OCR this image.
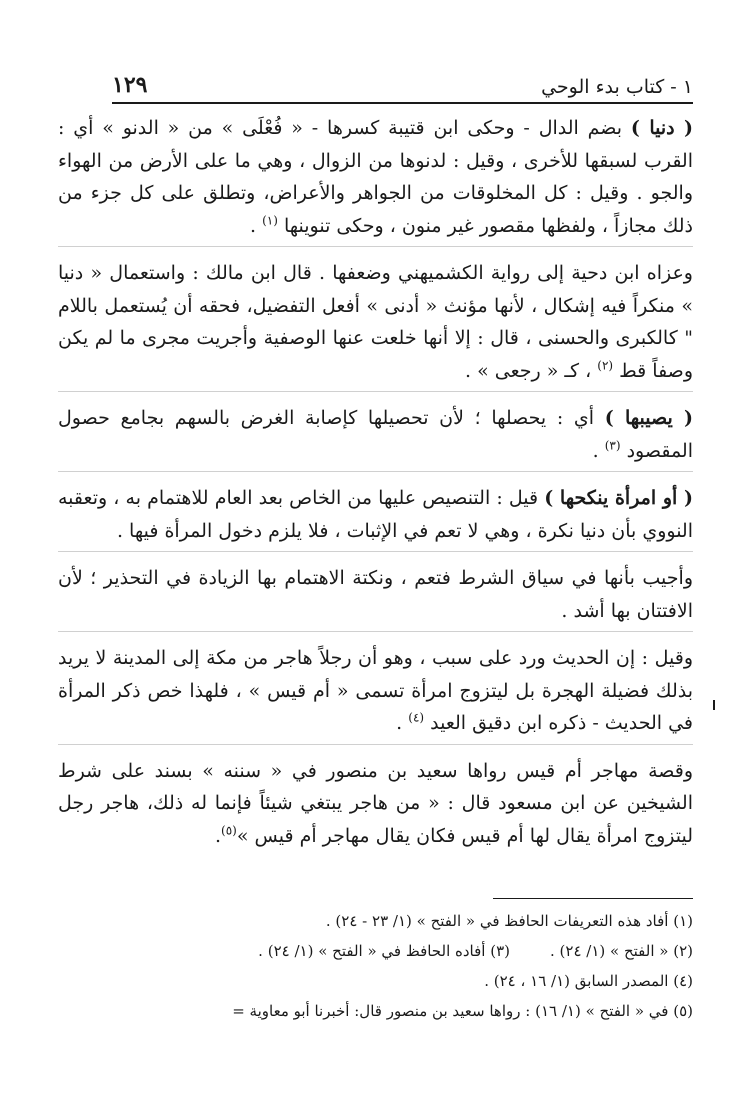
١ - كتاب بدء الوحي
١٢٩

( دنيا ) بضم الدال - وحكى ابن قتيبة كسرها - « فُعْلَى » من « الدنو » أي : القرب لسبقها للأخرى ، وقيل : لدنوها من الزوال ، وهي ما على الأرض من الهواء والجو . وقيل : كل المخلوقات من الجواهر والأعراض، وتطلق على كل جزء من ذلك مجازاً ، ولفظها مقصور غير منون ، وحكى تنوينها $^{(١)}$ .

وعزاه ابن دحية إلى رواية الكشميهني وضعفها . قال ابن مالك : واستعمال « دنيا » منكراً فيه إشكال ، لأنها مؤنث « أدنى » أفعل التفضيل، فحقه أن يُستعمل باللام " كالكبرى والحسنى ، قال : إلا أنها خلعت عنها الوصفية وأجريت مجرى ما لم يكن وصفاً قط $^{(٢)}$ ، كـ « رجعى » .

( يصيبها ) أي : يحصلها ؛ لأن تحصيلها كإصابة الغرض بالسهم بجامع حصول المقصود $^{(٣)}$ .

( أو امرأة ينكحها ) قيل : التنصيص عليها من الخاص بعد العام للاهتمام به ، وتعقبه النووي بأن دنيا نكرة ، وهي لا تعم في الإثبات ، فلا يلزم دخول المرأة فيها .

وأجيب بأنها في سياق الشرط فتعم ، ونكتة الاهتمام بها الزيادة في التحذير ؛ لأن الافتتان بها أشد .

وقيل : إن الحديث ورد على سبب ، وهو أن رجلاً هاجر من مكة إلى المدينة لا يريد بذلك فضيلة الهجرة بل ليتزوج امرأة تسمى « أم قيس » ، فلهذا خص ذكر المرأة في الحديث - ذكره ابن دقيق العيد $^{(٤)}$ .

وقصة مهاجر أم قيس رواها سعيد بن منصور في « سننه » بسند على شرط الشيخين عن ابن مسعود قال : « من هاجر يبتغي شيئاً فإنما له ذلك، هاجر رجل ليتزوج امرأة يقال لها أم قيس فكان يقال مهاجر أم قيس »$^{(٥)}$.

(١) أفاد هذه التعريفات الحافظ في « الفتح » (١/ ٢٣ - ٢٤) .
(٢) « الفتح » (١/ ٢٤) .
(٣) أفاده الحافظ في « الفتح » (١/ ٢٤) .
(٤) المصدر السابق (١/ ١٦ ، ٢٤) .
(٥) في « الفتح » (١/ ١٦) : رواها سعيد بن منصور قال: أخبرنا أبو معاوية =
